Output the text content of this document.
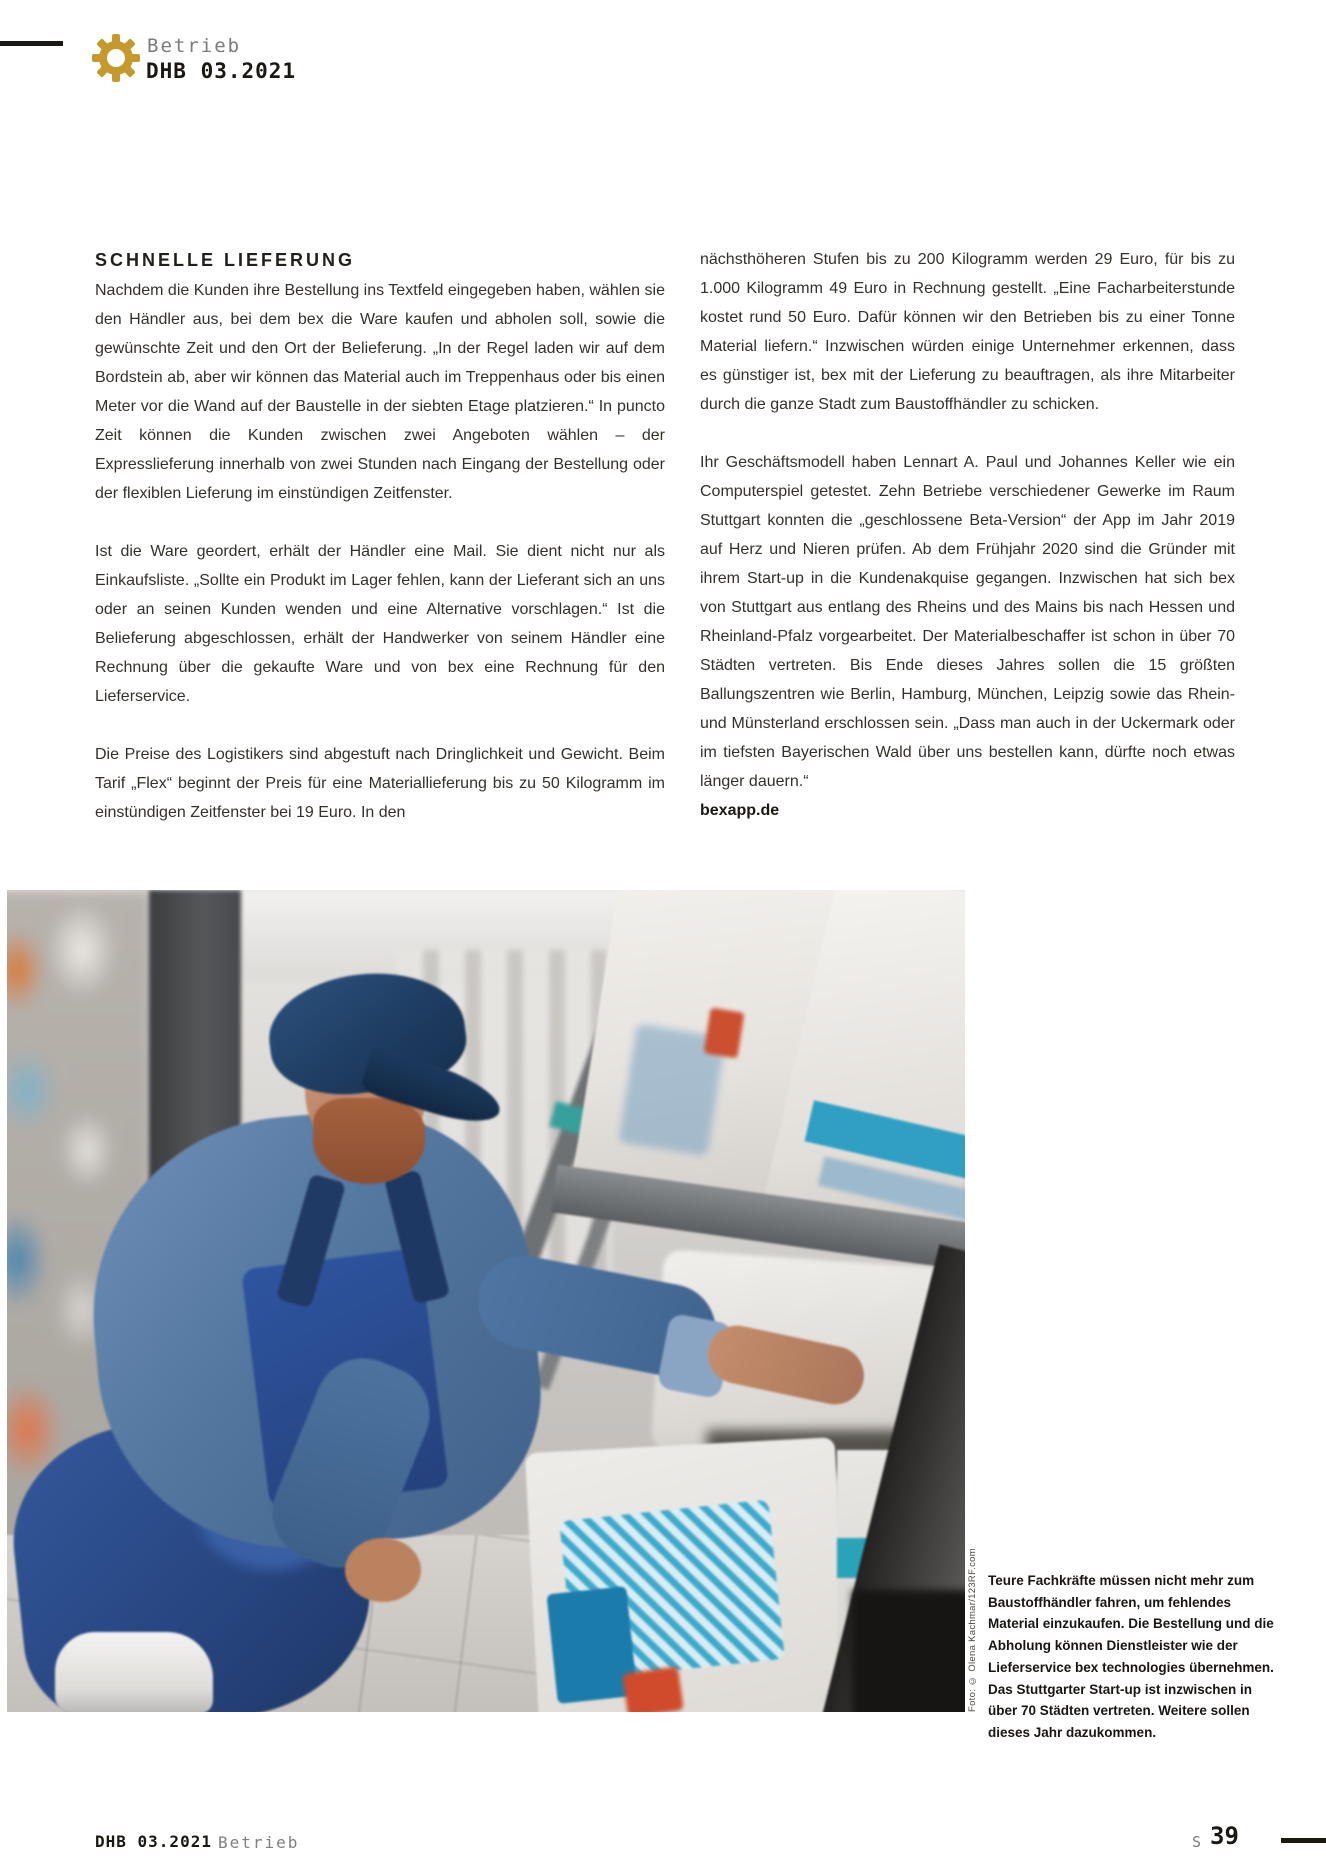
Betrieb
DHB 03.2021
SCHNELLE LIEFERUNG

Nachdem die Kunden ihre Bestellung ins Textfeld eingegeben haben, wählen sie den Händler aus, bei dem bex die Ware kaufen und abholen soll, sowie die gewünschte Zeit und den Ort der Belieferung. „In der Regel laden wir auf dem Bordstein ab, aber wir können das Material auch im Treppenhaus oder bis einen Meter vor die Wand auf der Baustelle in der siebten Etage platzieren.“ In puncto Zeit können die Kunden zwischen zwei Angeboten wählen – der Expresslieferung innerhalb von zwei Stunden nach Eingang der Bestellung oder der flexiblen Lieferung im einstündigen Zeitfenster.

Ist die Ware geordert, erhält der Händler eine Mail. Sie dient nicht nur als Einkaufsliste. „Sollte ein Produkt im Lager fehlen, kann der Lieferant sich an uns oder an seinen Kunden wenden und eine Alternative vorschlagen.“ Ist die Belieferung abgeschlossen, erhält der Handwerker von seinem Händler eine Rechnung über die gekaufte Ware und von bex eine Rechnung für den Lieferservice.

Die Preise des Logistikers sind abgestuft nach Dringlichkeit und Gewicht. Beim Tarif „Flex“ beginnt der Preis für eine Materiallieferung bis zu 50 Kilogramm im einstündigen Zeitfenster bei 19 Euro. In den

nächsthöheren Stufen bis zu 200 Kilogramm werden 29 Euro, für bis zu 1.000 Kilogramm 49 Euro in Rechnung gestellt. „Eine Facharbeiterstunde kostet rund 50 Euro. Dafür können wir den Betrieben bis zu einer Tonne Material liefern.“ Inzwischen würden einige Unternehmer erkennen, dass es günstiger ist, bex mit der Lieferung zu beauftragen, als ihre Mitarbeiter durch die ganze Stadt zum Baustoffhändler zu schicken.

Ihr Geschäftsmodell haben Lennart A. Paul und Johannes Keller wie ein Computerspiel getestet. Zehn Betriebe verschiedener Gewerke im Raum Stuttgart konnten die „geschlossene Beta-Version“ der App im Jahr 2019 auf Herz und Nieren prüfen. Ab dem Frühjahr 2020 sind die Gründer mit ihrem Start-up in die Kundenakquise gegangen. Inzwischen hat sich bex von Stuttgart aus entlang des Rheins und des Mains bis nach Hessen und Rheinland-Pfalz vorgearbeitet. Der Materialbeschaffer ist schon in über 70 Städten vertreten. Bis Ende dieses Jahres sollen die 15 größten Ballungszentren wie Berlin, Hamburg, München, Leipzig sowie das Rhein- und Münsterland erschlossen sein. „Dass man auch in der Uckermark oder im tiefsten Bayerischen Wald über uns bestellen kann, dürfte noch etwas länger dauern.“

bexapp.de
Foto: © Olena Kachmar/123RF.com Teure Fachkräfte müssen nicht mehr zum Baustoffhändler fahren, um fehlendes Material einzukaufen. Die Bestellung und die Abholung können Dienstleister wie der Lieferservice bex technologies übernehmen. Das Stuttgarter Start-up ist inzwischen in über 70 Städten vertreten. Weitere sollen dieses Jahr dazukommen.
DHB 03.2021 Betrieb	S 39
